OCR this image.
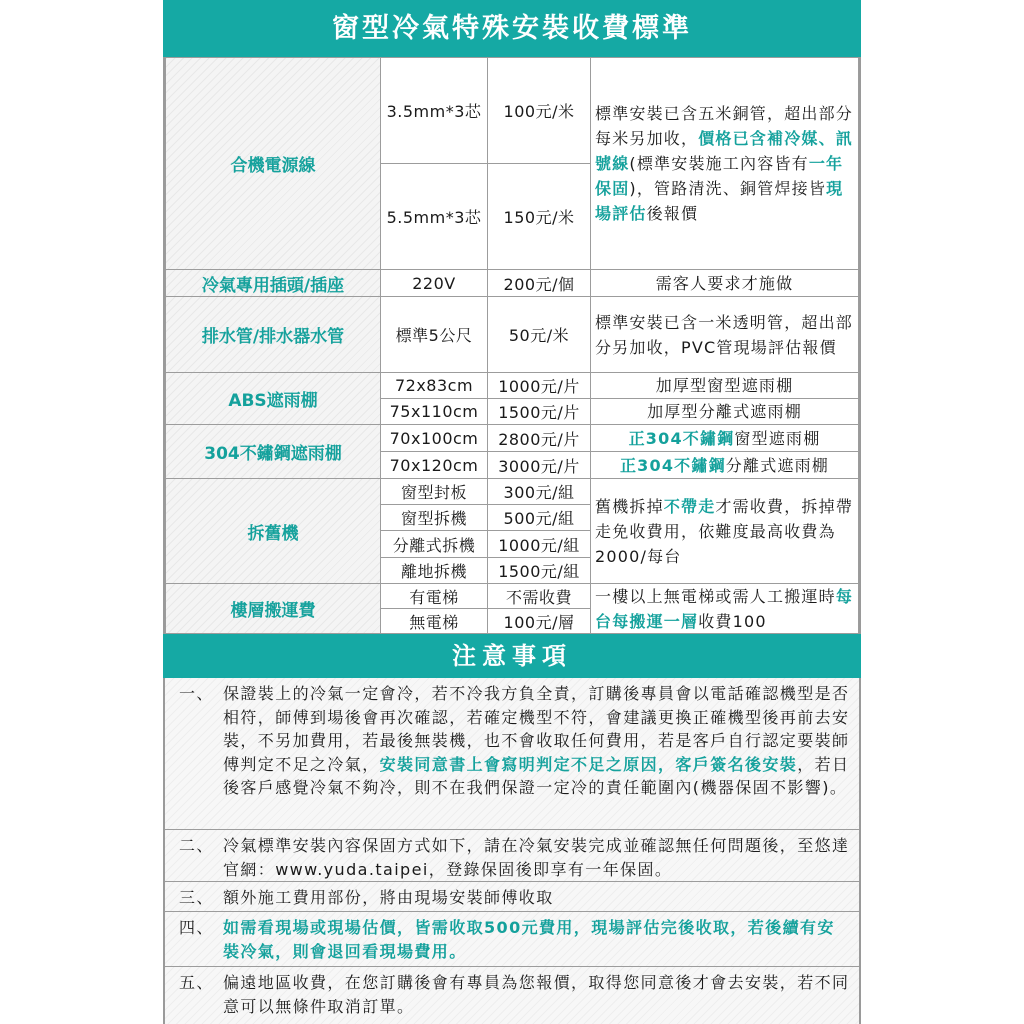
窗型冷氣特殊安裝收費標準
合機電源線
3.5mm*3芯	100元/米
5.5mm*3芯	150元/米
標準安裝已含五米銅管，超出部分每米另加收，價格已含補冷媒、訊號線(標準安裝施工內容皆有一年保固)，管路清洗、銅管焊接皆現場評估後報價
冷氣專用插頭/插座	220V	200元/個	需客人要求才施做
排水管/排水器水管	標準5公尺	50元/米
標準安裝已含一米透明管，超出部分另加收，PVC管現場評估報價
ABS遮雨棚
72x83cm	1000元/片	加厚型窗型遮雨棚
75x110cm	1500元/片	加厚型分離式遮雨棚
304不鏽鋼遮雨棚
70x100cm	2800元/片	正304不鏽鋼 窗型遮雨棚
70x120cm	3000元/片	正304不鏽鋼 分離式遮雨棚
拆舊機
窗型封板	300元/組
窗型拆機	500元/組
分離式拆機	1000元/組
離地拆機	1500元/組
舊機拆掉不帶走才需收費，拆掉帶走免收費用，依難度最高收費為2000/每台
樓層搬運費
有電梯	不需收費
無電梯	100元/層
一樓以上無電梯或需人工搬運時每台每搬運一層收費100
注意事項
一、 保證裝上的冷氣一定會冷，若不冷我方負全責，訂購後專員會以電話確認機型是否相符，師傅到場後會再次確認，若確定機型不符，會建議更換正確機型後再前去安裝，不另加費用，若最後無裝機，也不會收取任何費用，若是客戶自行認定要裝師傅判定不足之冷氣，安裝同意書上會寫明判定不足之原因，客戶簽名後安裝，若日後客戶感覺冷氣不夠冷，則不在我們保證一定冷的責任範圍內(機器保固不影響)。
二、 冷氣標準安裝內容保固方式如下，請在冷氣安裝完成並確認無任何問題後，至悠達官網：www.yuda.taipei，登錄保固後即享有一年保固。
三、 額外施工費用部份，將由現場安裝師傅收取
四、 如需看現場或現場估價，皆需收取500元費用，現場評估完後收取，若後續有安裝冷氣，則會退回看現場費用。
五、 偏遠地區收費，在您訂購後會有專員為您報價，取得您同意後才會去安裝，若不同意可以無條件取消訂單。
